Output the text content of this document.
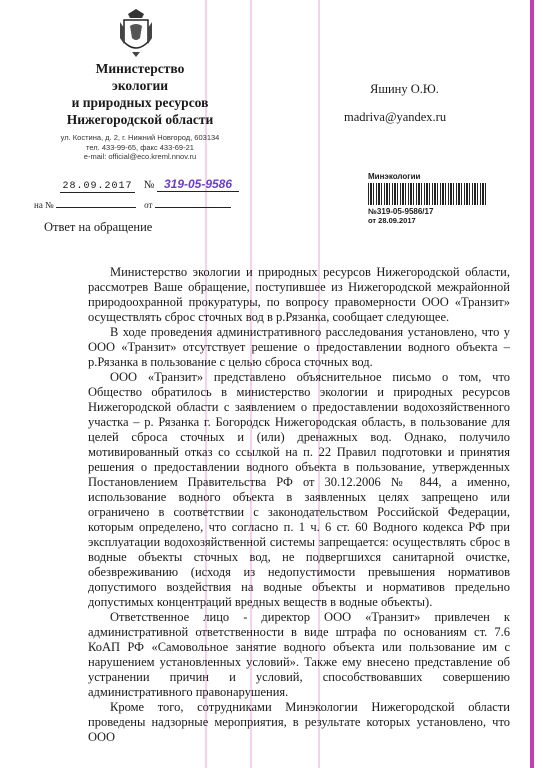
Министерство
экологии
и природных ресурсов
Нижегородской области
ул. Костина, д. 2, г. Нижний Новгород, 603134
тел. 433-99-65, факс 433-69-21
e-mail: official@eco.kreml.nnov.ru
28.09.2017 № 319-05-9586
на №	от
Ответ на обращение
Яшину О.Ю.
madriva@yandex.ru
Минэкологии
№319-05-9586/17
от 28.09.2017

Министерство экологии и природных ресурсов Нижегородской области, рассмотрев Ваше обращение, поступившее из Нижегородской межрайонной природоохранной прокуратуры, по вопросу правомерности ООО «Транзит» осуществлять сброс сточных вод в р.Рязанка, сообщает следующее.

В ходе проведения административного расследования установлено, что у ООО «Транзит» отсутствует решение о предоставлении водного объекта – р.Рязанка в пользование с целью сброса сточных вод.

ООО «Транзит» представлено объяснительное письмо о том, что Общество обратилось в министерство экологии и природных ресурсов Нижегородской области с заявлением о предоставлении водохозяйственного участка – р. Рязанка г. Богородск Нижегородская область, в пользование для целей сброса сточных и (или) дренажных вод. Однако, получило мотивированный отказ со ссылкой на п. 22 Правил подготовки и принятия решения о предоставлении водного объекта в пользование, утвержденных Постановлением Правительства РФ от 30.12.2006 № 844, а именно, использование водного объекта в заявленных целях запрещено или ограничено в соответствии с законодательством Российской Федерации, которым определено, что согласно п. 1 ч. 6 ст. 60 Водного кодекса РФ при эксплуатации водохозяйственной системы запрещается: осуществлять сброс в водные объекты сточных вод, не подвергшихся санитарной очистке, обезвреживанию (исходя из недопустимости превышения нормативов допустимого воздействия на водные объекты и нормативов предельно допустимых концентраций вредных веществ в водные объекты).

Ответственное лицо - директор ООО «Транзит» привлечен к административной ответственности в виде штрафа по основаниям ст. 7.6 КоАП РФ «Самовольное занятие водного объекта или пользование им с нарушением установленных условий». Также ему внесено представление об устранении причин и условий, способствовавших совершению административного правонарушения.

Кроме того, сотрудниками Минэкологии Нижегородской области проведены надзорные мероприятия, в результате которых установлено, что ООО
